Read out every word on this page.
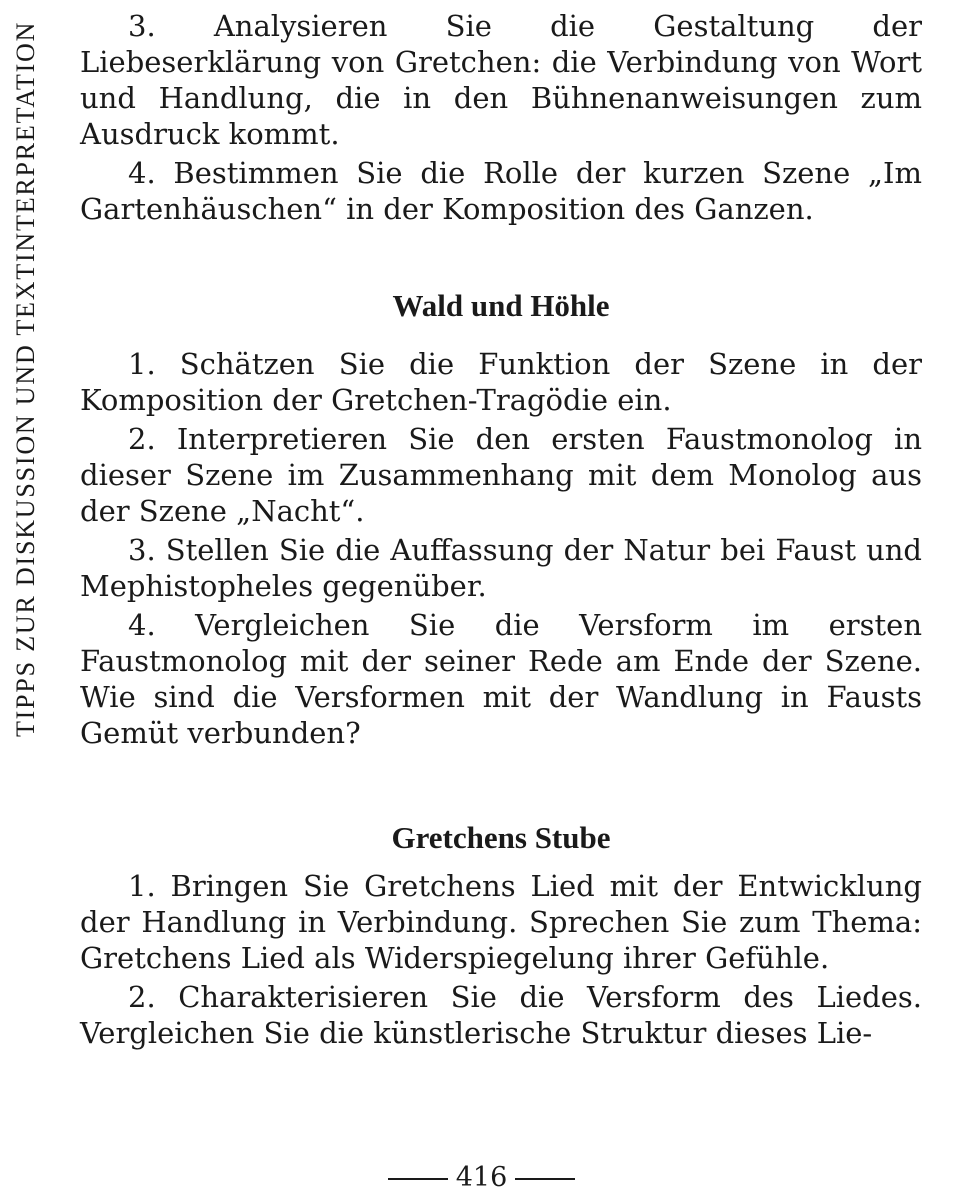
TIPPS ZUR DISKUSSION UND TEXTINTERPRETATION	3. Analysieren Sie die Gestaltung der Liebeserklärung von Gretchen: die Verbindung von Wort und Handlung, die in den Bühnenanweisungen zum Ausdruck kommt.

4. Bestimmen Sie die Rolle der kurzen Szene „Im Gartenhäuschen“ in der Komposition des Ganzen.

Wald und Höhle

1. Schätzen Sie die Funktion der Szene in der Komposition der Gretchen-Tragödie ein.

2. Interpretieren Sie den ersten Faustmonolog in dieser Szene im Zusammenhang mit dem Monolog aus der Szene „Nacht“.

3. Stellen Sie die Auffassung der Natur bei Faust und Mephistopheles gegenüber.

4. Vergleichen Sie die Versform im ersten Faustmonolog mit der seiner Rede am Ende der Szene. Wie sind die Versformen mit der Wandlung in Fausts Gemüt verbunden?

Gretchens Stube

1. Bringen Sie Gretchens Lied mit der Entwicklung der Handlung in Verbindung. Sprechen Sie zum Thema: Gretchens Lied als Widerspiegelung ihrer Gefühle.

2. Charakterisieren Sie die Versform des Liedes. Vergleichen Sie die künstlerische Struktur dieses Lie-

416
